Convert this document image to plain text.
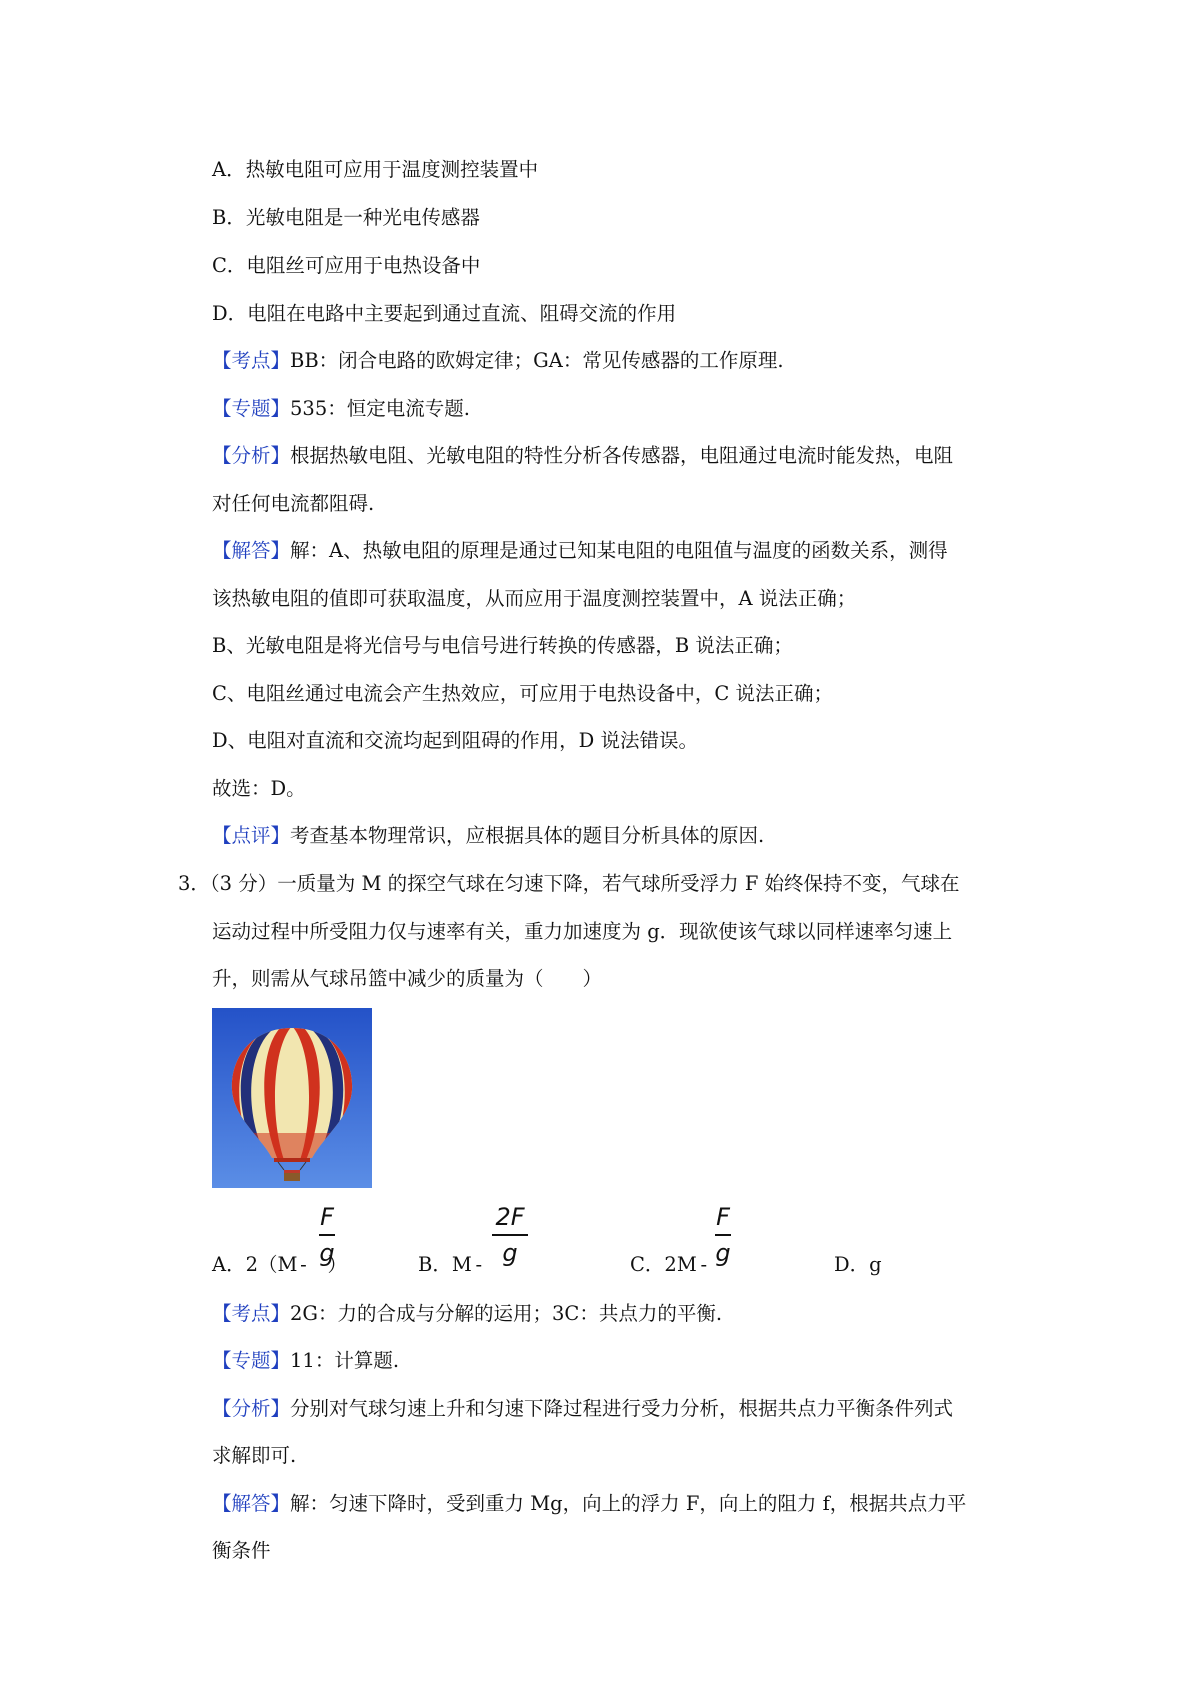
A．热敏电阻可应用于温度测控装置中
B．光敏电阻是一种光电传感器
C．电阻丝可应用于电热设备中
D．电阻在电路中主要起到通过直流、阻碍交流的作用
【考点】BB：闭合电路的欧姆定律；GA：常见传感器的工作原理.
【专题】535：恒定电流专题.
【分析】根据热敏电阻、光敏电阻的特性分析各传感器，电阻通过电流时能发热，电阻
对任何电流都阻碍.
【解答】解：A、热敏电阻的原理是通过已知某电阻的电阻值与温度的函数关系，测得
该热敏电阻的值即可获取温度，从而应用于温度测控装置中，A 说法正确；
B、光敏电阻是将光信号与电信号进行转换的传感器，B 说法正确；
C、电阻丝通过电流会产生热效应，可应用于电热设备中，C 说法正确；
D、电阻对直流和交流均起到阻碍的作用，D 说法错误。
故选：D。
【点评】考查基本物理常识，应根据具体的题目分析具体的原因.
3．（3 分）一质量为 M 的探空气球在匀速下降，若气球所受浮力 F 始终保持不变，气球在
运动过程中所受阻力仅与速率有关，重力加速度为 g．现欲使该气球以同样速率匀速上
升，则需从气球吊篮中减少的质量为（　　）
A．2（M - ）
F
g	B．M -
2F
g	C．2M -
F
g	D．g
【考点】2G：力的合成与分解的运用；3C：共点力的平衡.
【专题】11：计算题.
【分析】分别对气球匀速上升和匀速下降过程进行受力分析，根据共点力平衡条件列式
求解即可.
【解答】解：匀速下降时，受到重力 Mg，向上的浮力 F，向上的阻力 f，根据共点力平
衡条件
